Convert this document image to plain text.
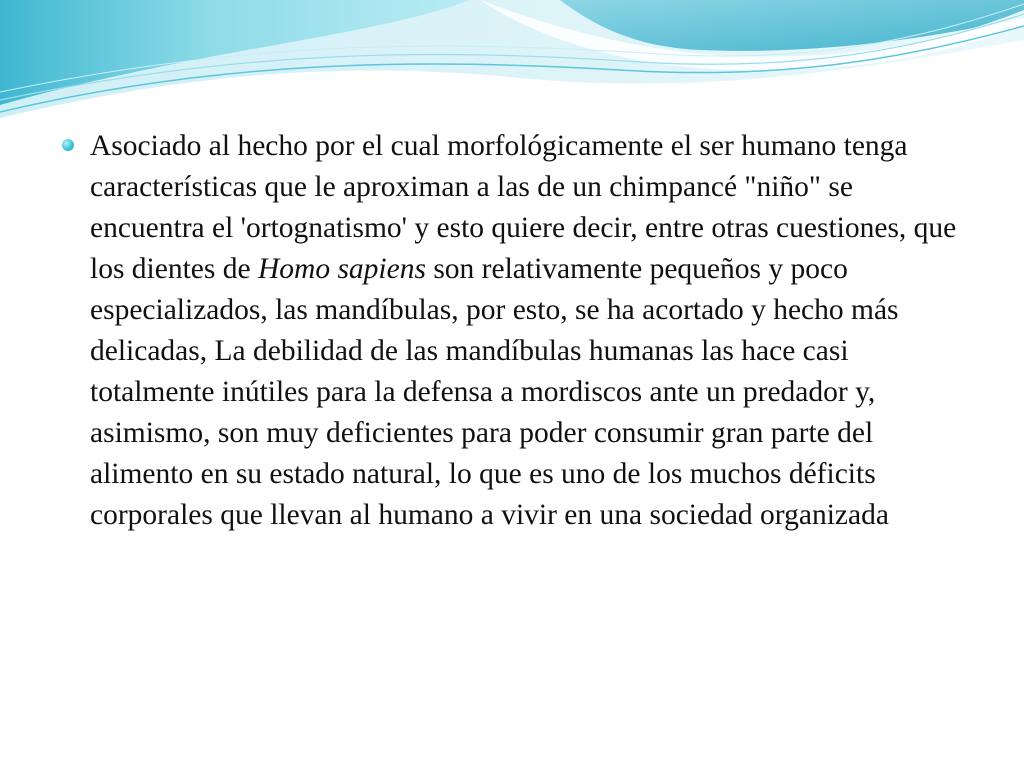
Asociado al hecho por el cual morfológicamente el ser humano tenga características que le aproximan a las de un chimpancé "niño" se encuentra el 'ortognatismo' y esto quiere decir, entre otras cuestiones, que los dientes de Homo sapiens son relativamente pequeños y poco especializados, las mandíbulas, por esto, se ha acortado y hecho más delicadas, La debilidad de las mandíbulas humanas las hace casi totalmente inútiles para la defensa a mordiscos ante un predador y, asimismo, son muy deficientes para poder consumir gran parte del alimento en su estado natural, lo que es uno de los muchos déficits corporales que llevan al humano a vivir en una sociedad organizada
